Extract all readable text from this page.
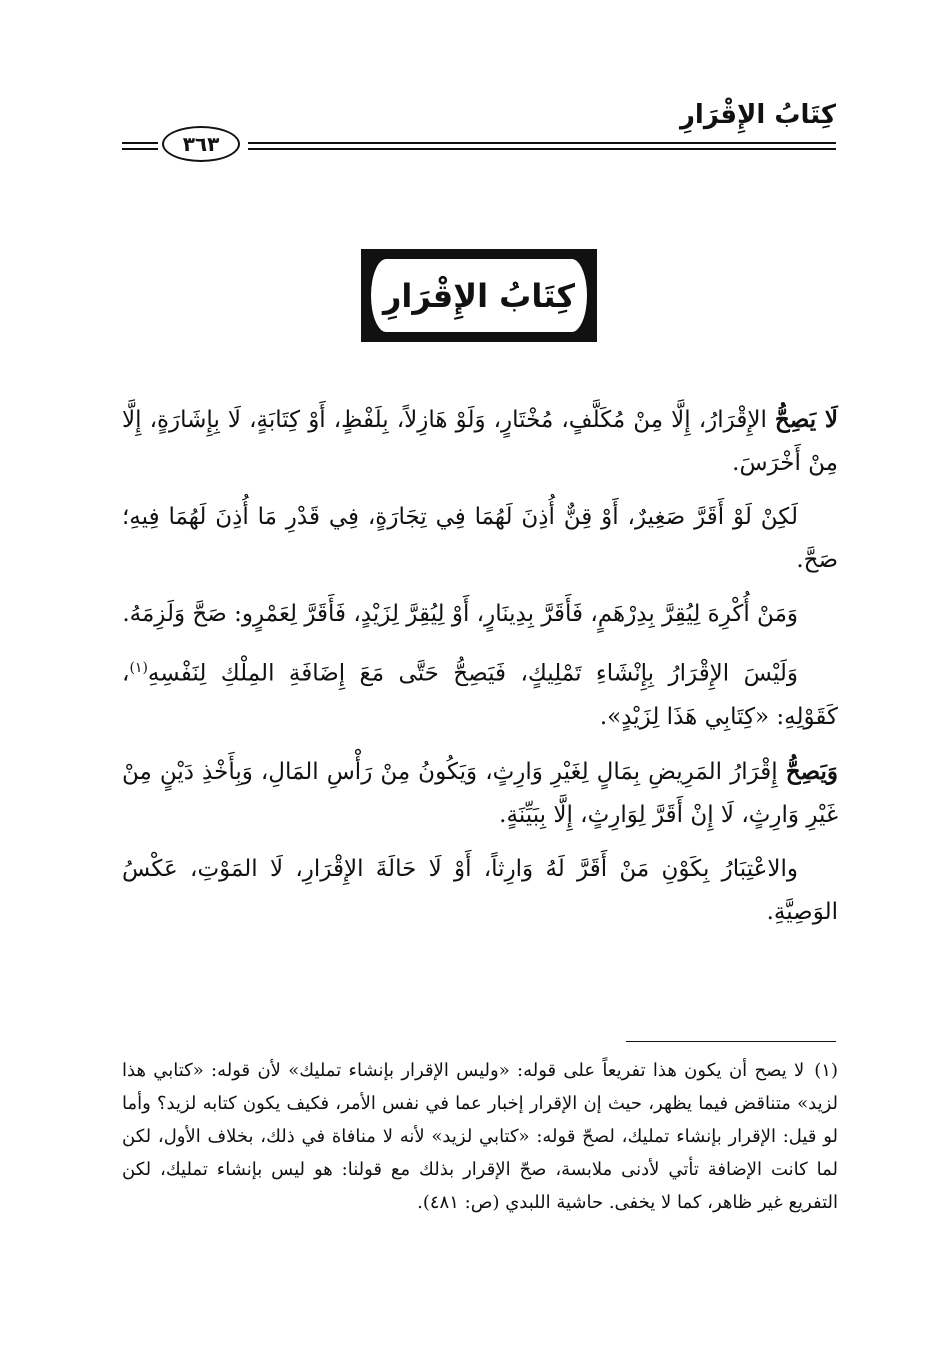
كِتَابُ الإِقْرَارِ
٣٦٣
كِتَابُ الإِقْرَارِ

لَا يَصِحُّ الإِقْرَارُ، إِلَّا مِنْ مُكَلَّفٍ، مُخْتَارٍ، وَلَوْ هَازِلاً، بِلَفْظٍ، أَوْ كِتَابَةٍ، لَا بِإِشَارَةٍ، إِلَّا مِنْ أَخْرَسَ.

لَكِنْ لَوْ أَقَرَّ صَغِيرٌ، أَوْ قِنٌّ أُذِنَ لَهُمَا فِي تِجَارَةٍ، فِي قَدْرِ مَا أُذِنَ لَهُمَا فِيهِ؛ صَحَّ.

وَمَنْ أُكْرِهَ لِيُقِرَّ بِدِرْهَمٍ، فَأَقَرَّ بِدِينَارٍ، أَوْ لِيُقِرَّ لِزَيْدٍ، فَأَقَرَّ لِعَمْرٍو: صَحَّ وَلَزِمَهُ.

وَلَيْسَ الإِقْرَارُ بِإِنْشَاءِ تَمْلِيكٍ، فَيَصِحُّ حَتَّى مَعَ إِضَافَةِ المِلْكِ لِنَفْسِهِ$^{(١)}$، كَقَوْلِهِ: «كِتَابِي هَذَا لِزَيْدٍ».

وَيَصِحُّ إِقْرَارُ المَرِيضِ بِمَالٍ لِغَيْرِ وَارِثٍ، وَيَكُونُ مِنْ رَأْسِ المَالِ، وَبِأَخْذِ دَيْنٍ مِنْ غَيْرِ وَارِثٍ، لَا إِنْ أَقَرَّ لِوَارِثٍ، إِلَّا بِبَيِّنَةٍ.

والاعْتِبَارُ بِكَوْنِ مَنْ أَقَرَّ لَهُ وَارِثاً، أَوْ لَا حَالَةَ الإِقْرَارِ، لَا المَوْتِ، عَكْسُ الوَصِيَّةِ.

(١)لا يصح أن يكون هذا تفريعاً على قوله: «وليس الإقرار بإنشاء تمليك» لأن قوله: «كتابي هذا لزيد» متناقض فيما يظهر، حيث إن الإقرار إخبار عما في نفس الأمر، فكيف يكون كتابه لزيد؟ وأما لو قيل: الإقرار بإنشاء تمليك، لصحّ قوله: «كتابي لزيد» لأنه لا منافاة في ذلك، بخلاف الأول، لكن لما كانت الإضافة تأتي لأدنى ملابسة، صحّ الإقرار بذلك مع قولنا: هو ليس بإنشاء تمليك، لكن التفريع غير ظاهر، كما لا يخفى. حاشية اللبدي (ص: ٤٨١).
